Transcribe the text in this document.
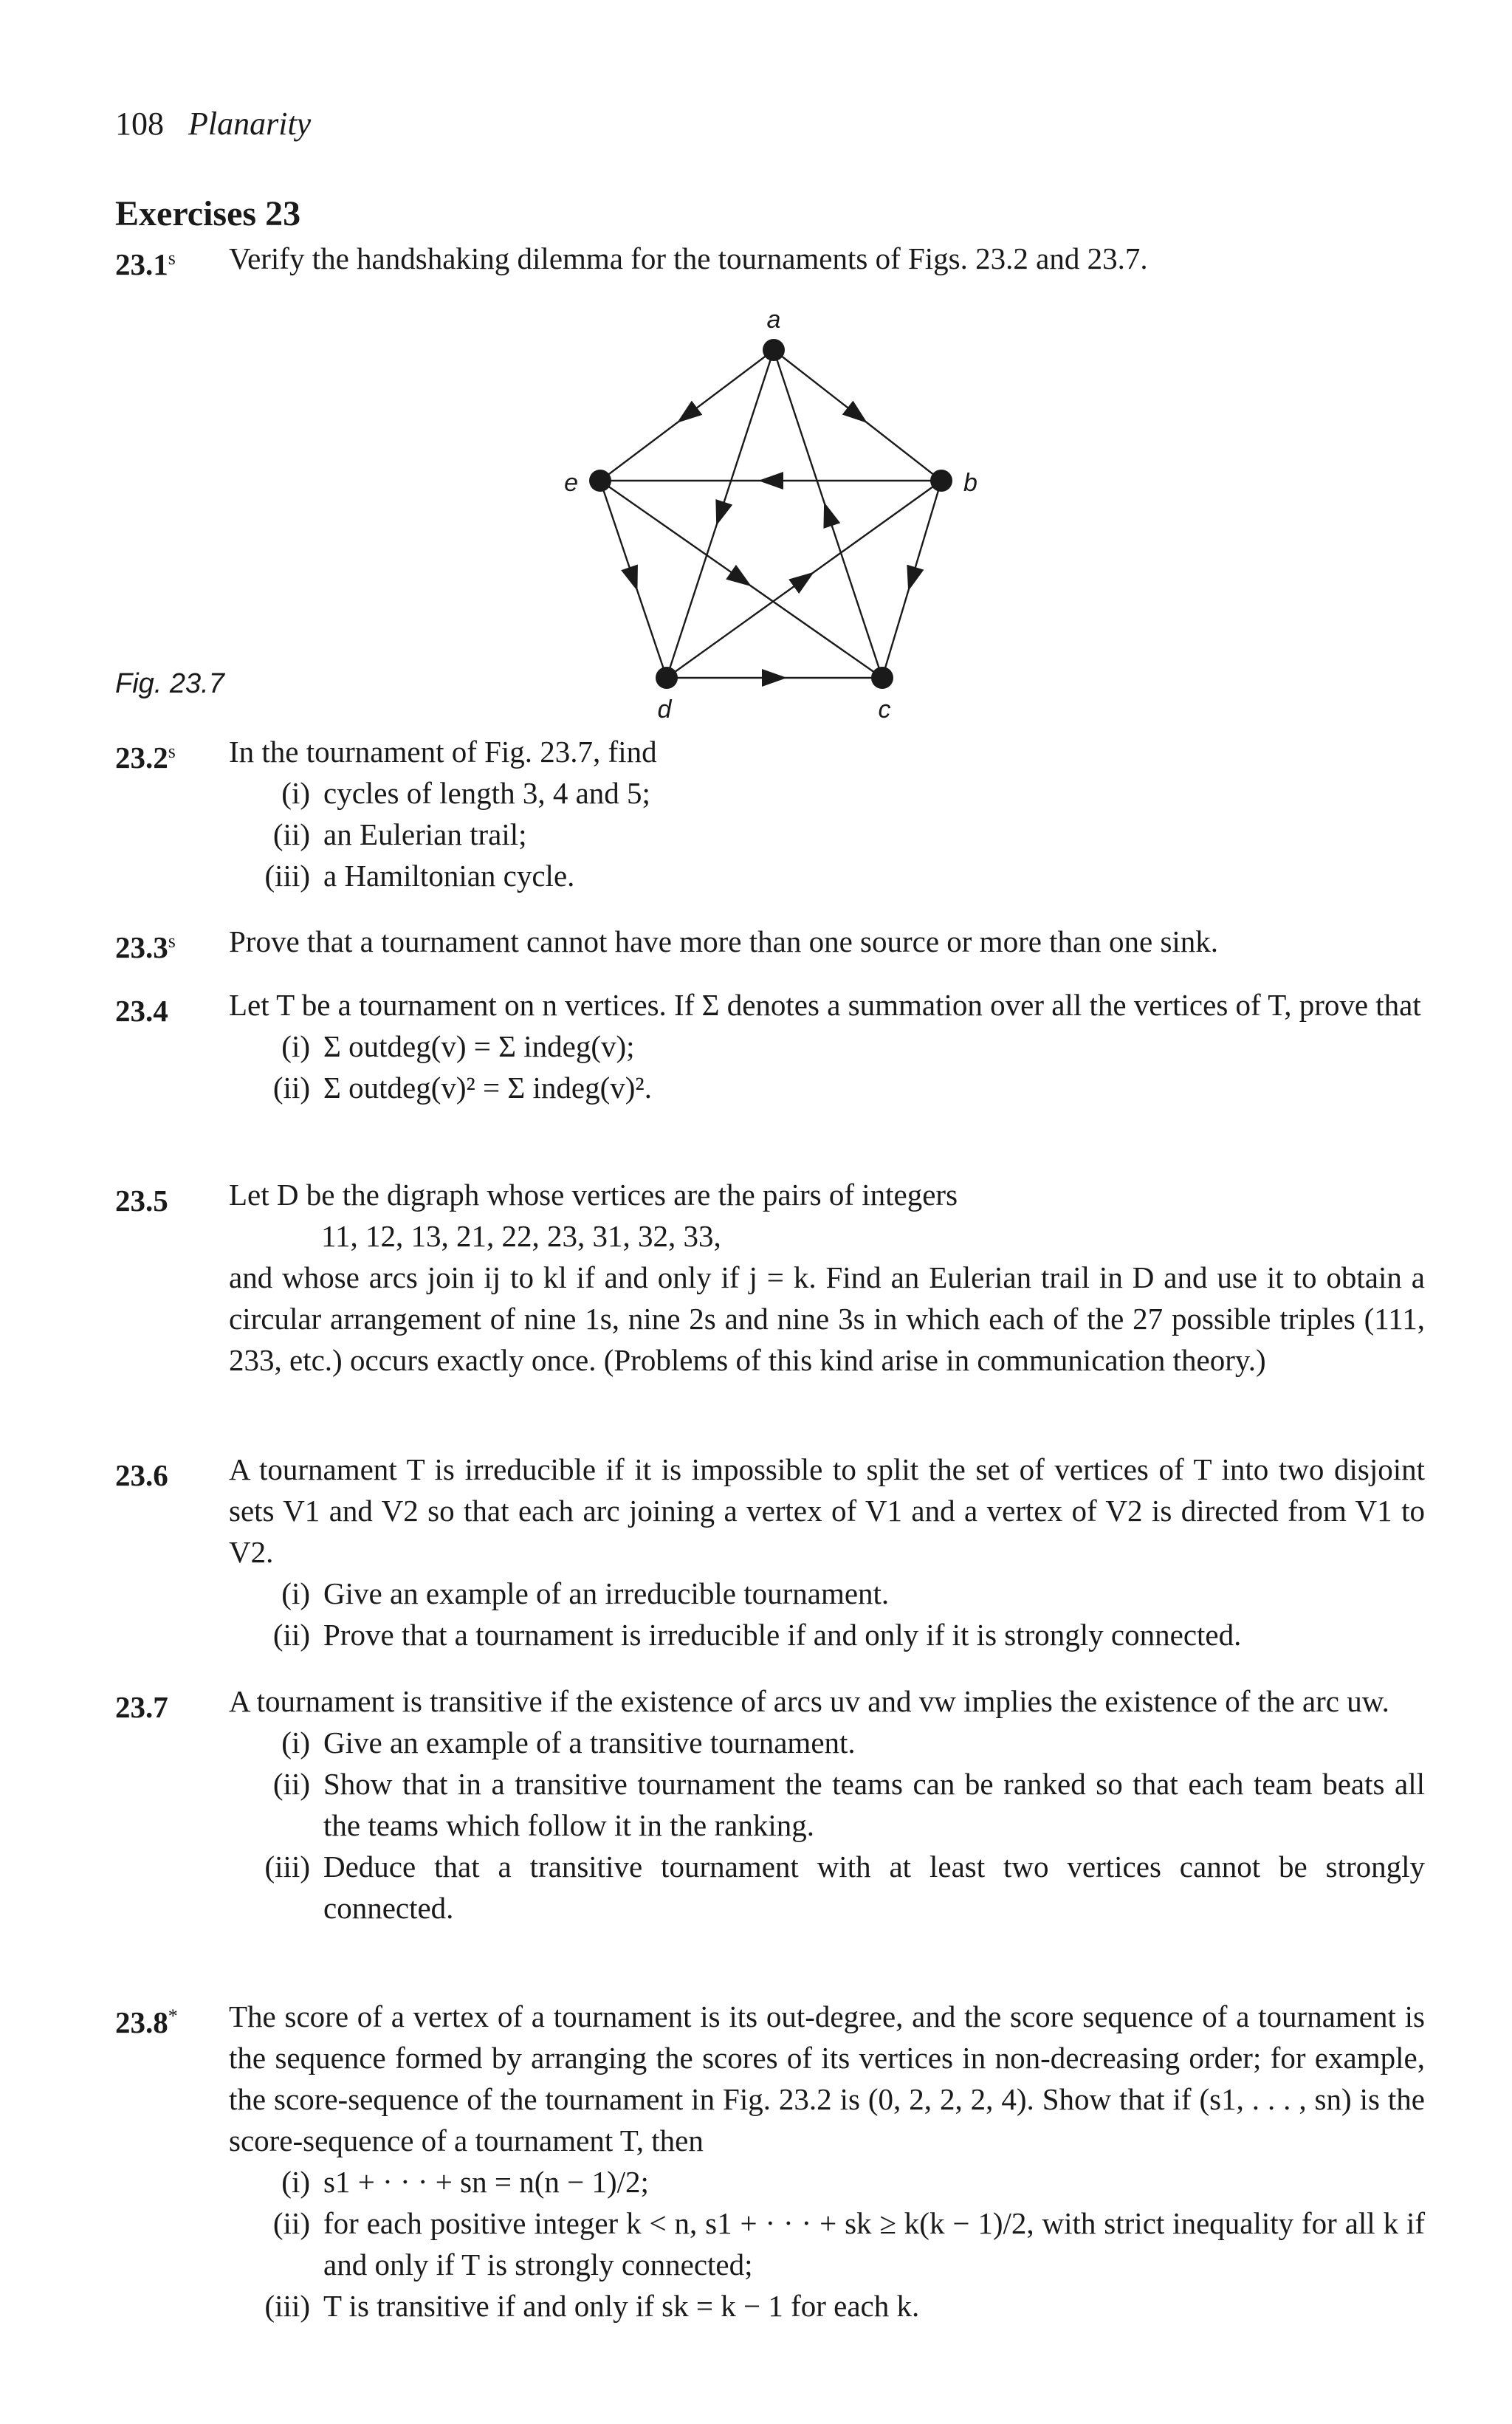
108 Planarity
Exercises 23
23.1$^s$ Verify the handshaking dilemma for the tournaments of Figs. 23.2 and 23.7.

a
b
c
d
e
Fig. 23.7
23.2$^s$ In the tournament of Fig. 23.7, find

(i) cycles of length 3, 4 and 5;

(ii) an Eulerian trail;

(iii) a Hamiltonian cycle.

23.3$^s$ Prove that a tournament cannot have more than one source or more than one sink.

23.4 Let T be a tournament on n vertices. If Σ denotes a summation over all the vertices of T, prove that

(i) Σ outdeg(v) = Σ indeg(v);

(ii) Σ outdeg(v)² = Σ indeg(v)².

23.5 Let D be the digraph whose vertices are the pairs of integers

11, 12, 13, 21, 22, 23, 31, 32, 33,

and whose arcs join ij to kl if and only if j = k. Find an Eulerian trail in D and use it to obtain a circular arrangement of nine 1s, nine 2s and nine 3s in which each of the 27 possible triples (111, 233, etc.) occurs exactly once. (Problems of this kind arise in communication theory.)

23.6 A tournament T is irreducible if it is impossible to split the set of vertices of T into two disjoint sets V1 and V2 so that each arc joining a vertex of V1 and a vertex of V2 is directed from V1 to V2.

(i) Give an example of an irreducible tournament.

(ii) Prove that a tournament is irreducible if and only if it is strongly connected.

23.7 A tournament is transitive if the existence of arcs uv and vw implies the existence of the arc uw.

(i) Give an example of a transitive tournament.

(ii) Show that in a transitive tournament the teams can be ranked so that each team beats all the teams which follow it in the ranking.

(iii) Deduce that a transitive tournament with at least two vertices cannot be strongly connected.

23.8* The score of a vertex of a tournament is its out-degree, and the score sequence of a tournament is the sequence formed by arranging the scores of its vertices in non-decreasing order; for example, the score-sequence of the tournament in Fig. 23.2 is (0, 2, 2, 2, 4). Show that if (s1, . . . , sn) is the score-sequence of a tournament T, then

(i) s1 + · · · + sn = n(n − 1)/2;

(ii) for each positive integer k < n, s1 + · · · + sk ≥ k(k − 1)/2, with strict inequality for all k if and only if T is strongly connected;

(iii) T is transitive if and only if sk = k − 1 for each k.
